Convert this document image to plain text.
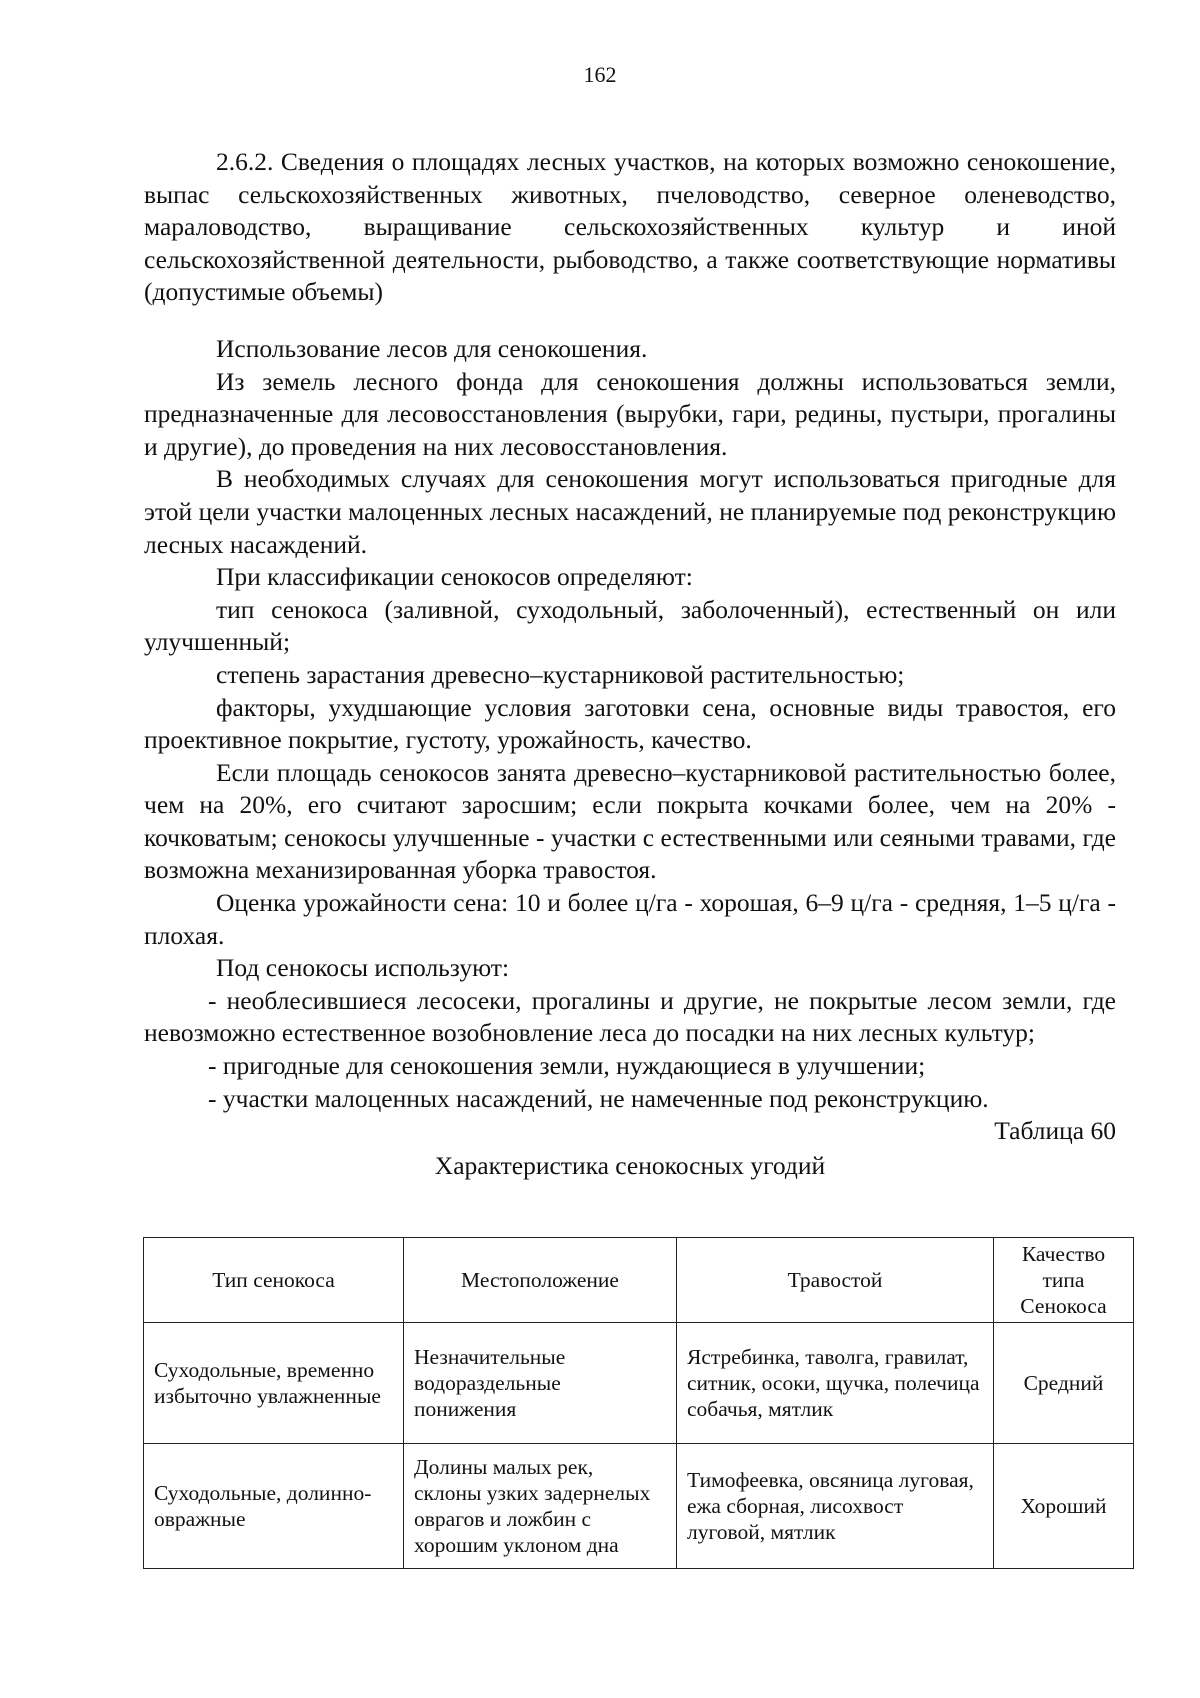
162

2.6.2. Сведения о площадях лесных участков, на которых возможно сенокошение, выпас сельскохозяйственных животных, пчеловодство, северное оленеводство, мараловодство, выращивание сельскохозяйственных культур и иной сельскохозяйственной деятельности, рыбоводство, а также соответствующие нормативы (допустимые объемы)

Использование лесов для сенокошения.

Из земель лесного фонда для сенокошения должны использоваться земли, предназначенные для лесовосстановления (вырубки, гари, редины, пустыри, прогалины и другие), до проведения на них лесовосстановления.

В необходимых случаях для сенокошения могут использоваться пригодные для этой цели участки малоценных лесных насаждений, не планируемые под реконструкцию лесных насаждений.

При классификации сенокосов определяют:

тип сенокоса (заливной, суходольный, заболоченный), естественный он или улучшенный;

степень зарастания древесно–кустарниковой растительностью;

факторы, ухудшающие условия заготовки сена, основные виды травостоя, его проективное покрытие, густоту, урожайность, качество.

Если площадь сенокосов занята древесно–кустарниковой растительностью более, чем на 20%, его считают заросшим; если покрыта кочками более, чем на 20% - кочковатым; сенокосы улучшенные - участки с естественными или сеяными травами, где возможна механизированная уборка травостоя.

Оценка урожайности сена: 10 и более ц/га - хорошая, 6–9 ц/га - средняя, 1–5 ц/га - плохая.

Под сенокосы используют:

- необлесившиеся лесосеки, прогалины и другие, не покрытые лесом земли, где невозможно естественное возобновление леса до посадки на них лесных культур;

- пригодные для сенокошения земли, нуждающиеся в улучшении;

- участки малоценных насаждений, не намеченные под реконструкцию.

Таблица 60
Характеристика сенокосных угодий
Тип сенокоса	Местоположение	Травостой	Качество типа Сенокоса
Суходольные, временно избыточно увлажненные	Незначительные водораздельные понижения	Ястребинка, таволга, гравилат, ситник, осоки, щучка, полечица собачья, мятлик	Средний
Суходольные, долинно-овражные	Долины малых рек, склоны узких задернелых оврагов и ложбин с хорошим уклоном дна	Тимофеевка, овсяница луговая, ежа сборная, лисохвост луговой, мятлик	Хороший
